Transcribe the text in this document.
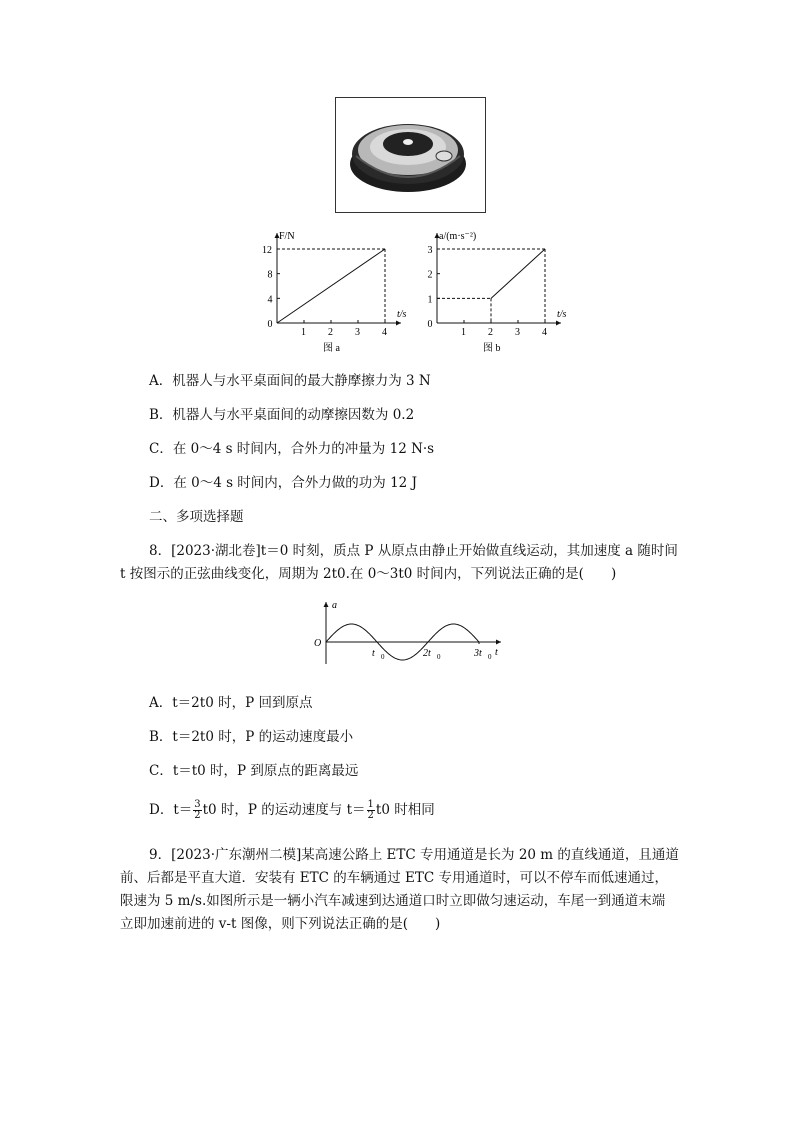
t/s
F/N
1 2 3 4
0
4
8
12
图 a
t/s
a/(m·s⁻²)
1 2 3 4
0
1
2
3
图 b
A．机器人与水平桌面间的最大静摩擦力为 3 N
B．机器人与水平桌面间的动摩擦因数为 0.2
C．在 0～4 s 时间内，合外力的冲量为 12 N·s
D．在 0～4 s 时间内，合外力做的功为 12 J
二、多项选择题
8．[2023·湖北卷]t＝0 时刻，质点 P 从原点由静止开始做直线运动，其加速度 a 随时间
t 按图示的正弦曲线变化，周期为 2t0.在 0～3t0 时间内，下列说法正确的是(　　)
a
t
O
t 0	2t 0	3t 0
A．t＝2t0 时，P 回到原点
B．t＝2t0 时，P 的运动速度最小
C．t＝t0 时，P 到原点的距离最远
D．$t= \frac{3}{2} t0$ 时，P 的运动速度与 $t= \frac{1}{2} t0$ 时相同
9．[2023·广东潮州二模]某高速公路上 ETC 专用通道是长为 20 m 的直线通道，且通道
前、后都是平直大道．安装有 ETC 的车辆通过 ETC 专用通道时，可以不停车而低速通过，
限速为 5 m/s.如图所示是一辆小汽车减速到达通道口时立即做匀速运动，车尾一到通道末端
立即加速前进的 v-t 图像，则下列说法正确的是(　　)
